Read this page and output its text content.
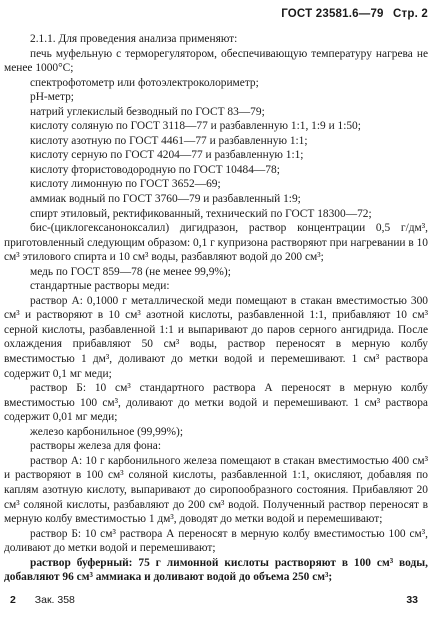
ГОСТ 23581.6—79 Стр. 2

2.1.1. Для проведения анализа применяют:

печь муфельную с терморегулятором, обеспечивающую температуру нагрева не менее 1000°С;

спектрофотометр или фотоэлектроколориметр;

рН-метр;

натрий углекислый безводный по ГОСТ 83—79;

кислоту соляную по ГОСТ 3118—77 и разбавленную 1:1, 1:9 и 1:50;

кислоту азотную по ГОСТ 4461—77 и разбавленную 1:1;

кислоту серную по ГОСТ 4204—77 и разбавленную 1:1;

кислоту фтористоводородную по ГОСТ 10484—78;

кислоту лимонную по ГОСТ 3652—69;

аммиак водный по ГОСТ 3760—79 и разбавленный 1:9;

спирт этиловый, ректификованный, технический по ГОСТ 18300—72;

бис-(циклогексаноноксалил) дигидразон, раствор концентрации 0,5 г/дм³, приготовленный следующим образом: 0,1 г купризона растворяют при нагревании в 10 см³ этилового спирта и 10 см³ воды, разбавляют водой до 200 см³;

медь по ГОСТ 859—78 (не менее 99,9%);

стандартные растворы меди:

раствор А: 0,1000 г металлической меди помещают в стакан вместимостью 300 см³ и растворяют в 10 см³ азотной кислоты, разбавленной 1:1, прибавляют 10 см³ серной кислоты, разбавленной 1:1 и выпаривают до паров серного ангидрида. После охлаждения прибавляют 50 см³ воды, раствор переносят в мерную колбу вместимостью 1 дм³, доливают до метки водой и перемешивают. 1 см³ раствора содержит 0,1 мг меди;

раствор Б: 10 см³ стандартного раствора А переносят в мерную колбу вместимостью 100 см³, доливают до метки водой и перемешивают. 1 см³ раствора содержит 0,01 мг меди;

железо карбонильное (99,99%);

растворы железа для фона:

раствор А: 10 г карбонильного железа помещают в стакан вместимостью 400 см³ и растворяют в 100 см³ соляной кислоты, разбавленной 1:1, окисляют, добавляя по каплям азотную кислоту, выпаривают до сиропообразного состояния. Прибавляют 20 см³ соляной кислоты, разбавляют до 200 см³ водой. Полученный раствор переносят в мерную колбу вместимостью 1 дм³, доводят до метки водой и перемешивают;

раствор Б: 10 см³ раствора А переносят в мерную колбу вместимостью 100 см³, доливают до метки водой и перемешивают;

раствор буферный: 75 г лимонной кислоты растворяют в 100 см³ воды, добавляют 96 см³ аммиака и доливают водой до объема 250 см³;

2 Зак. 358	33
